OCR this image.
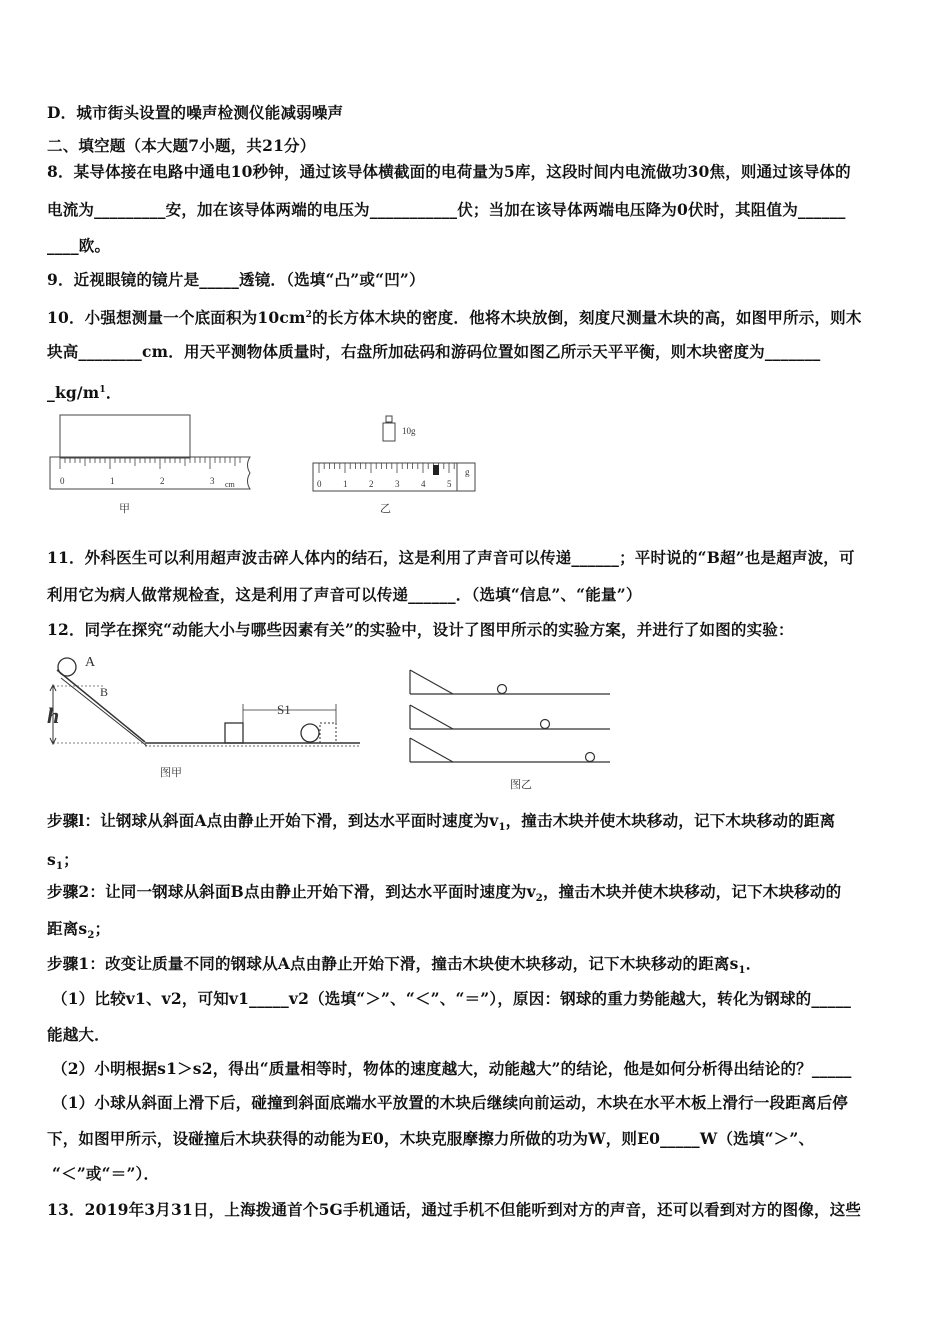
D．城市街头设置的噪声检测仪能减弱噪声
二、填空题（本大题7小题，共21分）
8．某导体接在电路中通电10秒钟，通过该导体横截面的电荷量为5库，这段时间内电流做功30焦，则通过该导体的
电流为_________安，加在该导体两端的电压为___________伏；当加在该导体两端电压降为0伏时，其阻值为______
____欧。
9．近视眼镜的镜片是_____透镜．（选填“凸”或“凹”）
10．小强想测量一个底面积为$10cm^2$的长方体木块的密度．他将木块放倒，刻度尺测量木块的高，如图甲所示，则木
块高________cm．用天平测物体质量时，右盘所加砝码和游码位置如图乙所示天平平衡，则木块密度为_______
$\_kg/m^1$．
0	1	2	3 cm
甲
10g
0 1 2 3 4 5
g
乙
11．外科医生可以利用超声波击碎人体内的结石，这是利用了声音可以传递______；平时说的“B超”也是超声波，可
利用它为病人做常规检查，这是利用了声音可以传递______．（选填“信息”、“能量”）
12．同学在探究“动能大小与哪些因素有关”的实验中，设计了图甲所示的实验方案，并进行了如图的实验：
h
A
B
S1
图甲
图乙
步骤l：让钢球从斜面A点由静止开始下滑，到达水平面时速度为$v_1$，撞击木块并使木块移动，记下木块移动的距离
$s_1$；
步骤2：让同一钢球从斜面B点由静止开始下滑，到达水平面时速度为$v_2$，撞击木块并使木块移动，记下木块移动的
距离$s_2$；
步骤1：改变让质量不同的钢球从A点由静止开始下滑，撞击木块使木块移动，记下木块移动的距离$s_1$．
（1）比较v1、v2，可知v1_____v2（选填“＞”、“＜”、“＝”），原因：钢球的重力势能越大，转化为钢球的_____
能越大．
（2）小明根据s1＞s2，得出“质量相等时，物体的速度越大，动能越大”的结论，他是如何分析得出结论的？_____
（1）小球从斜面上滑下后，碰撞到斜面底端水平放置的木块后继续向前运动，木块在水平木板上滑行一段距离后停
下，如图甲所示，设碰撞后木块获得的动能为E0，木块克服摩擦力所做的功为W，则E0_____W（选填“＞”、
“＜”或“＝”）．
13．2019年3月31日，上海拨通首个5G手机通话，通过手机不但能听到对方的声音，还可以看到对方的图像，这些
